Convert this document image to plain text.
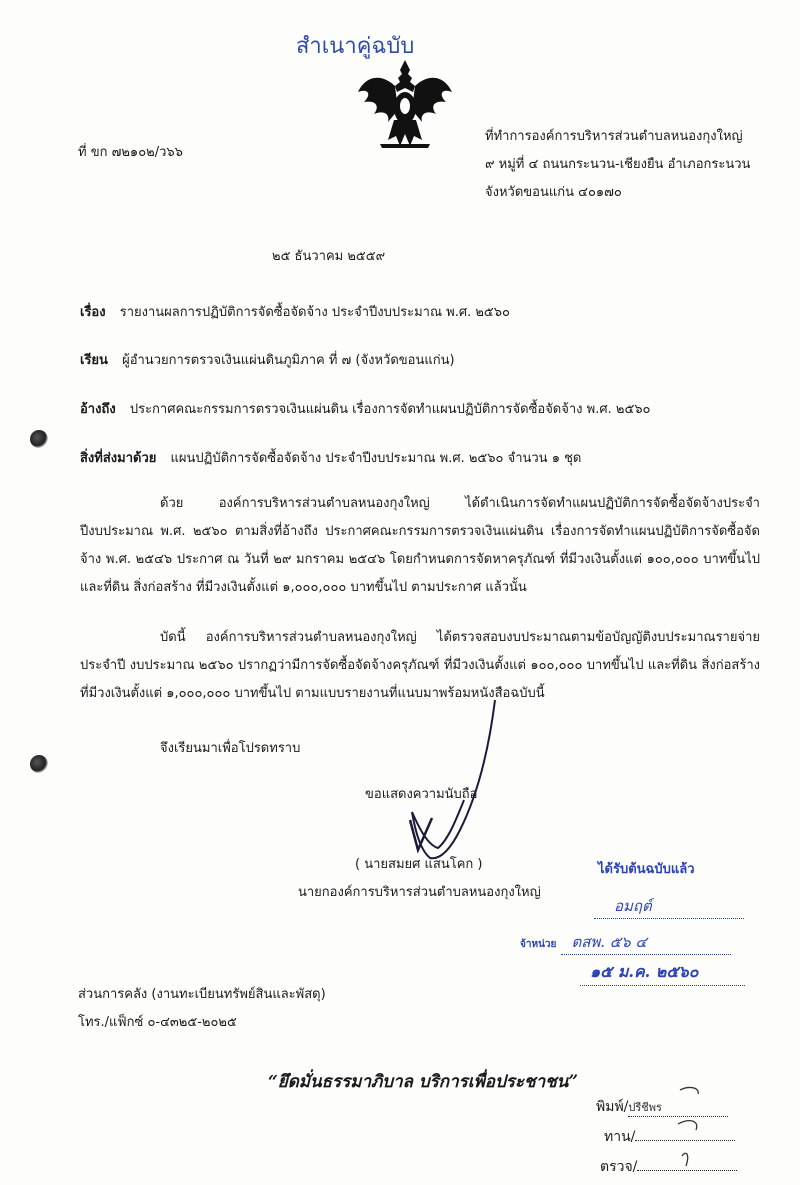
สำเนาคู่ฉบับ
ที่ ขก ๗๒๑๐๒/ว๖๖
ที่ทำการองค์การบริหารส่วนตำบลหนองกุงใหญ่
๙ หมู่ที่ ๔ ถนนกระนวน-เชียงยืน อำเภอกระนวน
จังหวัดขอนแก่น ๔๐๑๗๐
๒๕ ธันวาคม ๒๕๕๙
เรื่อง รายงานผลการปฏิบัติการจัดซื้อจัดจ้าง ประจำปีงบประมาณ พ.ศ. ๒๕๖๐
เรียน ผู้อำนวยการตรวจเงินแผ่นดินภูมิภาค ที่ ๗ (จังหวัดขอนแก่น)
อ้างถึง ประกาศคณะกรรมการตรวจเงินแผ่นดิน เรื่องการจัดทำแผนปฏิบัติการจัดซื้อจัดจ้าง พ.ศ. ๒๕๖๐
สิ่งที่ส่งมาด้วย แผนปฏิบัติการจัดซื้อจัดจ้าง ประจำปีงบประมาณ พ.ศ. ๒๕๖๐ จำนวน ๑ ชุด

ด้วย องค์การบริหารส่วนตำบลหนองกุงใหญ่ ได้ดำเนินการจัดทำแผนปฏิบัติการจัดซื้อจัดจ้างประจำปีงบประมาณ พ.ศ. ๒๕๖๐ ตามสิ่งที่อ้างถึง ประกาศคณะกรรมการตรวจเงินแผ่นดิน เรื่องการจัดทำแผนปฏิบัติการจัดซื้อจัดจ้าง พ.ศ. ๒๕๔๖ ประกาศ ณ วันที่ ๒๙ มกราคม ๒๕๔๖ โดยกำหนดการจัดหาครุภัณฑ์ ที่มีวงเงินตั้งแต่ ๑๐๐,๐๐๐ บาทขึ้นไป และที่ดิน สิ่งก่อสร้าง ที่มีวงเงินตั้งแต่ ๑,๐๐๐,๐๐๐ บาทขึ้นไป ตามประกาศ แล้วนั้น

บัดนี้ องค์การบริหารส่วนตำบลหนองกุงใหญ่ ได้ตรวจสอบงบประมาณตามข้อบัญญัติงบประมาณรายจ่ายประจำปี งบประมาณ ๒๕๖๐ ปรากฏว่ามีการจัดซื้อจัดจ้างครุภัณฑ์ ที่มีวงเงินตั้งแต่ ๑๐๐,๐๐๐ บาทขึ้นไป และที่ดิน สิ่งก่อสร้าง ที่มีวงเงินตั้งแต่ ๑,๐๐๐,๐๐๐ บาทขึ้นไป ตามแบบรายงานที่แนบมาพร้อมหนังสือฉบับนี้

จึงเรียนมาเพื่อโปรดทราบ
ขอแสดงความนับถือ
( นายสมยศ แสนโคก )
นายกองค์การบริหารส่วนตำบลหนองกุงใหญ่
ได้รับต้นฉบับแล้ว
อมฤต์
จ้าหน่วย ตสพ. ๕๖ ๔
๑๕ ม.ค. ๒๕๖๐
ส่วนการคลัง (งานทะเบียนทรัพย์สินและพัสดุ)
โทร./แฟ็กซ์ ๐-๔๓๒๕-๒๐๒๕
“ยึดมั่นธรรมาภิบาล บริการเพื่อประชาชน”
พิมพ์/ปรีชีพร
ทาน/
ตรวจ/
